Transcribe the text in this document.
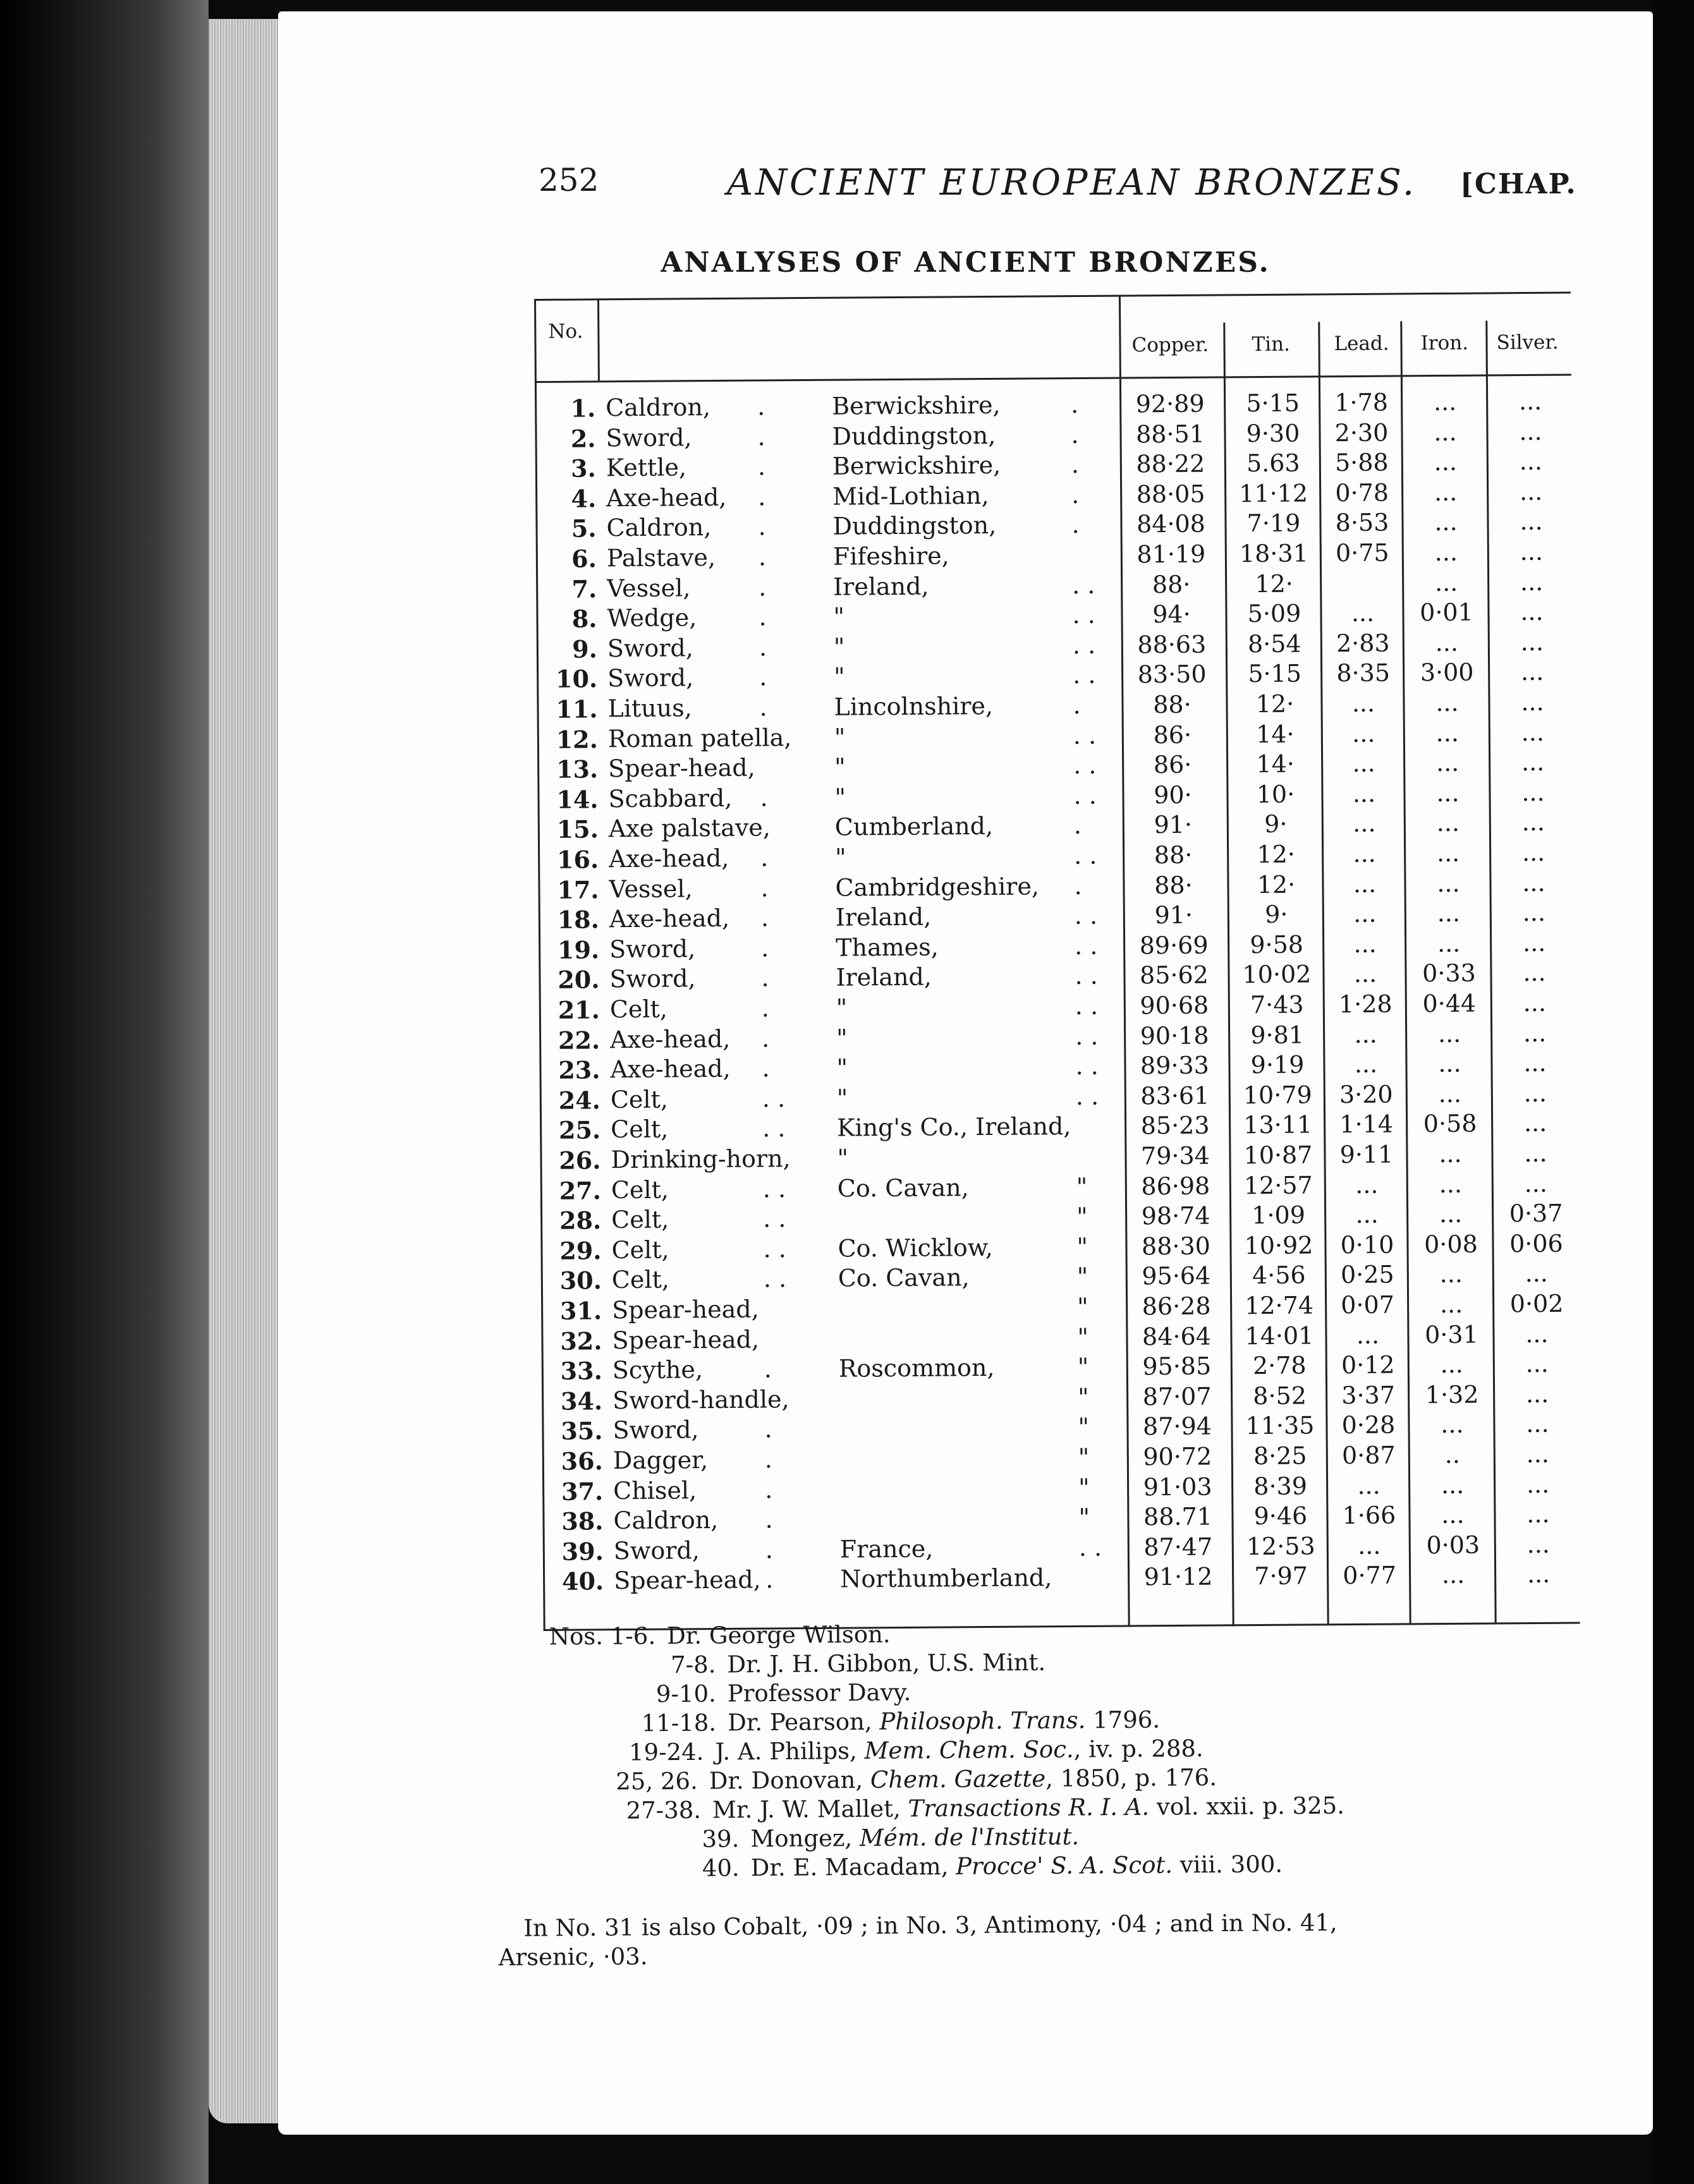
252	ANCIENT EUROPEAN BRONZES. [CHAP.
ANALYSES OF ANCIENT BRONZES.
No.
Copper. Tin. Lead. Iron. Silver.
1. Caldron, .	Berwickshire,	.	92·89	5·15	1·78	...	...
2. Sword,	.	Duddingston,	.	88·51	9·30	2·30	...	...
3. Kettle,	.	Berwickshire,	.	88·22	5.63	5·88	...	...
4. Axe-head, .	Mid-Lothian,	.	88·05	11·12	0·78	...	...
5. Caldron, .	Duddingston,	.	84·08	7·19	8·53	...	...
6. Palstave, .	Fifeshire,	81·19	18·31	0·75	...	...
7. Vessel,	.	Ireland,	. .	88·	12·	...	...
8. Wedge,	.	"	. .	94·	5·09	...	0·01	...
9. Sword,	.	"	. .	88·63	8·54	2·83	...	...
10. Sword,	.	"	. .	83·50	5·15	8·35	3·00	...
11. Lituus,	.	Lincolnshire,	.	88·	12·	...	...	...
12. Roman patella, "	. .	86·	14·	...	...	...
13. Spear-head,	"	. .	86·	14·	...	...	...
14. Scabbard, .	"	. .	90·	10·	...	...	...
15. Axe palstave,	Cumberland,	.	91·	9·	...	...	...
16. Axe-head, .	"	. .	88·	12·	...	...	...
17. Vessel,	.	Cambridgeshire, .	88·	12·	...	...	...
18. Axe-head, .	Ireland,	. .	91·	9·	...	...	...
19. Sword,	.	Thames,	. .	89·69	9·58	...	...	...
20. Sword,	.	Ireland,	. .	85·62	10·02	...	0·33	...
21. Celt,	.	"	. .	90·68	7·43	1·28	0·44	...
22. Axe-head, .	"	. .	90·18	9·81	...	...	...
23. Axe-head, .	"	. .	89·33	9·19	...	...	...
24. Celt,	. . "	. .	83·61	10·79	3·20	...	...
25. Celt,	. . King's Co., Ireland,	85·23	13·11	1·14	0·58	...
26. Drinking-horn, "	79·34	10·87	9·11	...	...
27. Celt,	. . Co. Cavan,	"	86·98	12·57	...	...	...
28. Celt,	. .	"	98·74	1·09	...	...	0·37
29. Celt,	. . Co. Wicklow,	"	88·30	10·92	0·10	0·08	0·06
30. Celt,	. . Co. Cavan,	"	95·64	4·56	0·25	...	...
31. Spear-head,	"	86·28	12·74	0·07	...	0·02
32. Spear-head,	"	84·64	14·01	...	0·31	...
33. Scythe,	.	Roscommon,	"	95·85	2·78	0·12	...	...
34. Sword-handle,	"	87·07	8·52	3·37	1·32	...
35. Sword,	.	"	87·94	11·35	0·28	...	...
36. Dagger, .	"	90·72	8·25	0·87	..	...
37. Chisel,	.	"	91·03	8·39	...	...	...
38. Caldron, .	"	88.71	9·46	1·66	...	...
39. Sword,	.	France,	. .	87·47	12·53	...	0·03	...
40. Spear-head, .	Northumberland,	91·12	7·97	0·77	...	...
Nos. 1-6. Dr. George Wilson.
7-8. Dr. J. H. Gibbon, U.S. Mint.
9-10. Professor Davy.
11-18. Dr. Pearson, Philosoph. Trans. 1796.
19-24. J. A. Philips, Mem. Chem. Soc., iv. p. 288.
25, 26. Dr. Donovan, Chem. Gazette, 1850, p. 176.
27-38. Mr. J. W. Mallet, Transactions R. I. A. vol. xxii. p. 325.
39. Mongez, Mém. de l'Institut.
40. Dr. E. Macadam, Procce' S. A. Scot. viii. 300.
In No. 31 is also Cobalt, ·09 ; in No. 3, Antimony, ·04 ; and in No. 41,
Arsenic, ·03.
